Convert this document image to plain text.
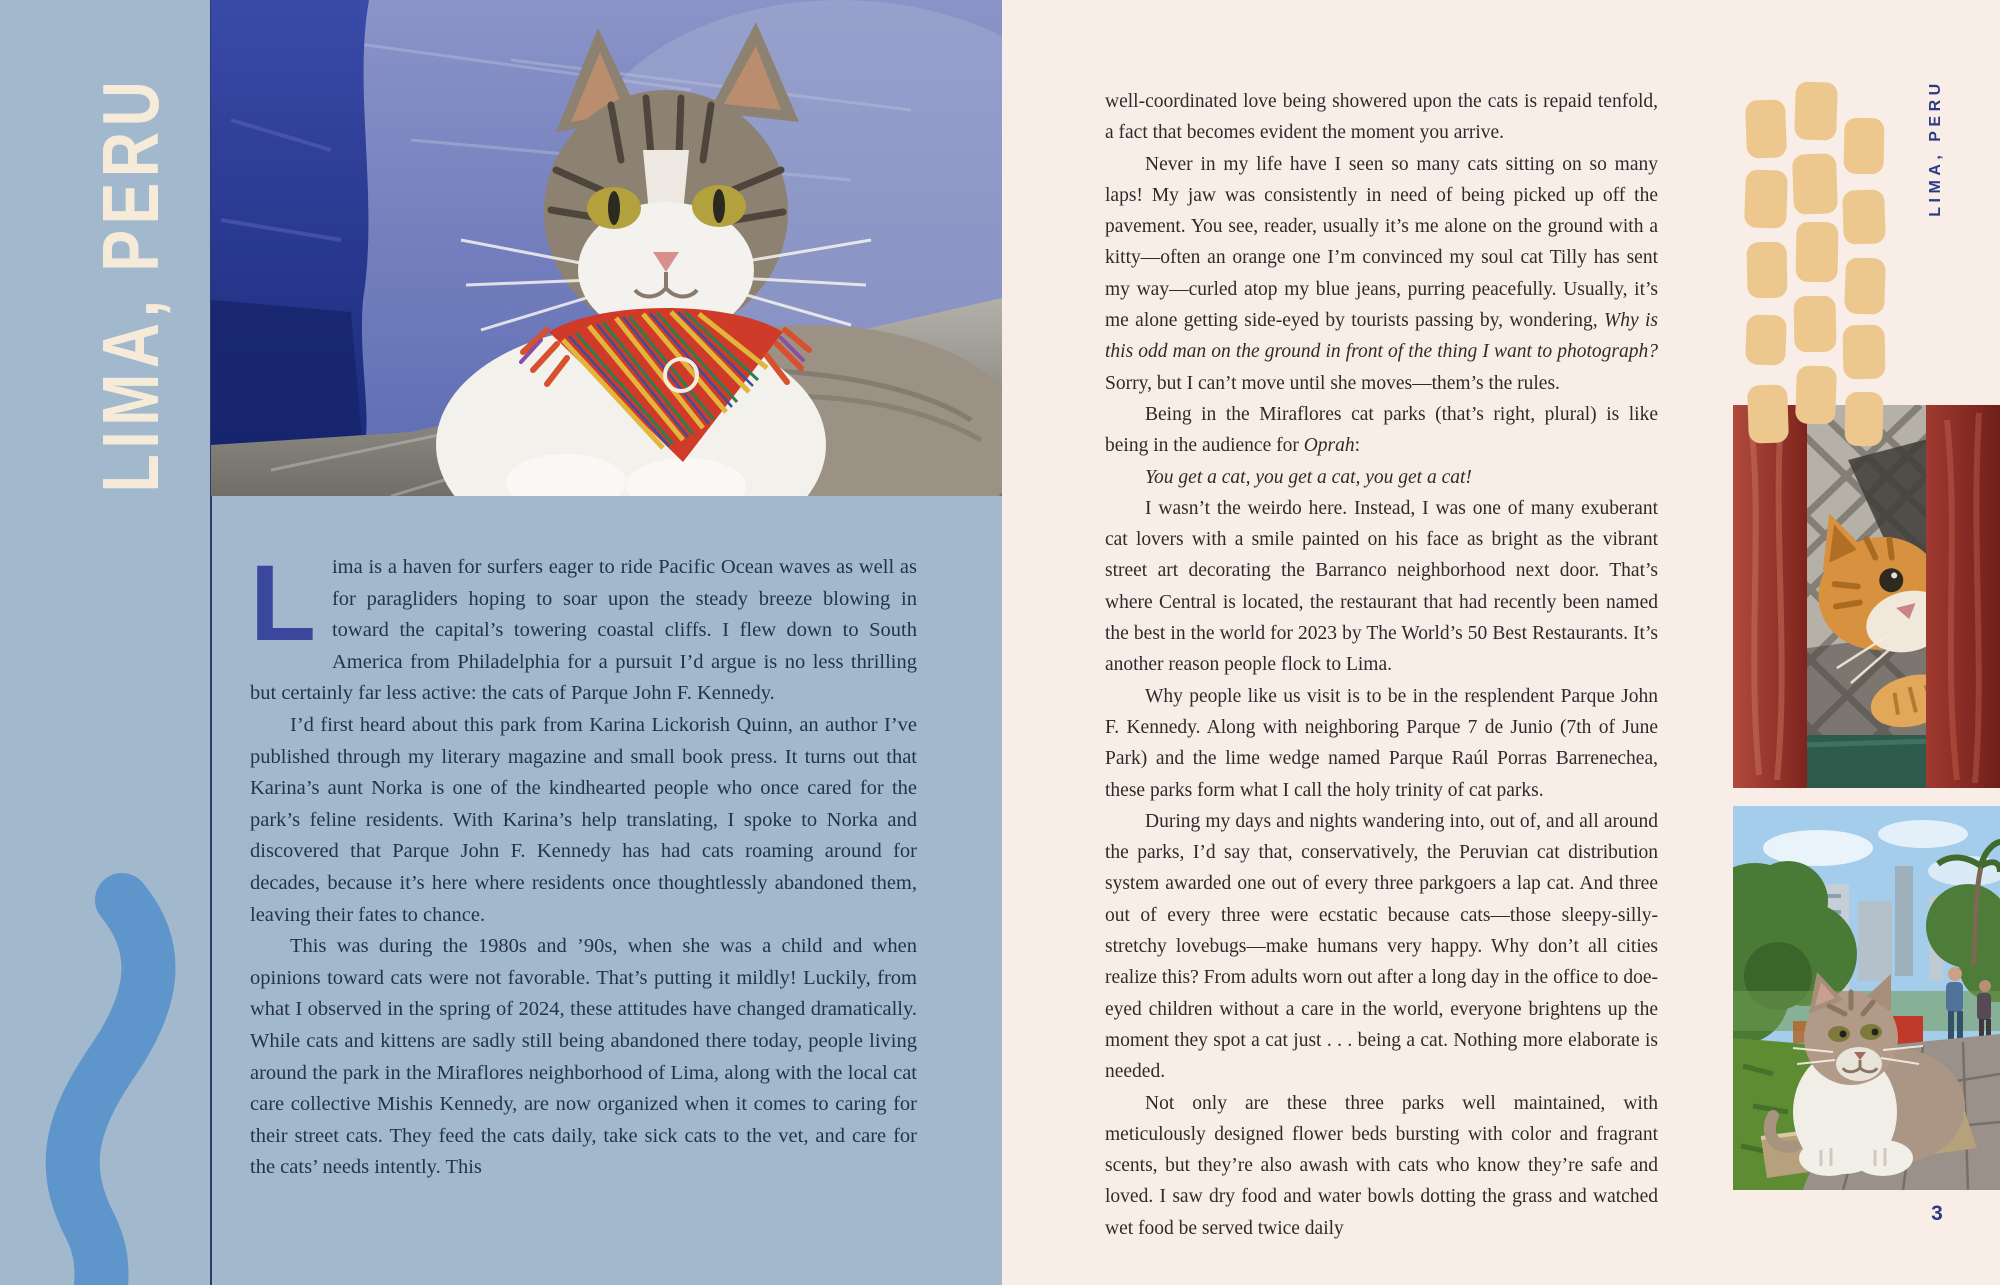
LIMA, PERU

Lima is a haven for surfers eager to ride Pacific Ocean waves as well as for paragliders hoping to soar upon the steady breeze blowing in toward the capital’s towering coastal cliffs. I flew down to South America from Philadelphia for a pursuit I’d argue is no less thrilling but certainly far less active: the cats of Parque John F. Kennedy.

I’d first heard about this park from Karina Lickorish Quinn, an author I’ve published through my literary magazine and small book press. It turns out that Karina’s aunt Norka is one of the kindhearted people who once cared for the park’s feline residents. With Karina’s help translating, I spoke to Norka and discovered that Parque John F. Kennedy has had cats roaming around for decades, because it’s here where residents once thoughtlessly abandoned them, leaving their fates to chance.

This was during the 1980s and ’90s, when she was a child and when opinions toward cats were not favorable. That’s putting it mildly! Luckily, from what I observed in the spring of 2024, these attitudes have changed dramatically. While cats and kittens are sadly still being abandoned there today, people living around the park in the Miraflores neighborhood of Lima, along with the local cat care collective Mishis Kennedy, are now organized when it comes to caring for their street cats. They feed the cats daily, take sick cats to the vet, and care for the cats’ needs intently. This

LIMA, PERU

well-coordinated love being showered upon the cats is repaid tenfold, a fact that becomes evident the moment you arrive.

Never in my life have I seen so many cats sitting on so many laps! My jaw was consistently in need of being picked up off the pavement. You see, reader, usually it’s me alone on the ground with a kitty—often an orange one I’m convinced my soul cat Tilly has sent my way—curled atop my blue jeans, purring peacefully. Usually, it’s me alone getting side-eyed by tourists passing by, wondering, Why is this odd man on the ground in front of the thing I want to photograph? Sorry, but I can’t move until she moves—them’s the rules.

Being in the Miraflores cat parks (that’s right, plural) is like being in the audience for Oprah:

You get a cat, you get a cat, you get a cat!

I wasn’t the weirdo here. Instead, I was one of many exuberant cat lovers with a smile painted on his face as bright as the vibrant street art decorating the Barranco neighborhood next door. That’s where Central is located, the restaurant that had recently been named the best in the world for 2023 by The World’s 50 Best Restaurants. It’s another reason people flock to Lima.

Why people like us visit is to be in the resplendent Parque John F. Kennedy. Along with neighboring Parque 7 de Junio (7th of June Park) and the lime wedge named Parque Raúl Porras Barrenechea, these parks form what I call the holy trinity of cat parks.

During my days and nights wandering into, out of, and all around the parks, I’d say that, conservatively, the Peruvian cat distribution system awarded one out of every three parkgoers a lap cat. And three out of every three were ecstatic because cats—those sleepy-silly-stretchy lovebugs—make humans very happy. Why don’t all cities realize this? From adults worn out after a long day in the office to doe-eyed children without a care in the world, everyone brightens up the moment they spot a cat just . . . being a cat. Nothing more elaborate is needed.

Not only are these three parks well maintained, with meticulously designed flower beds bursting with color and fragrant scents, but they’re also awash with cats who know they’re safe and loved. I saw dry food and water bowls dotting the grass and watched wet food be served twice daily

3
